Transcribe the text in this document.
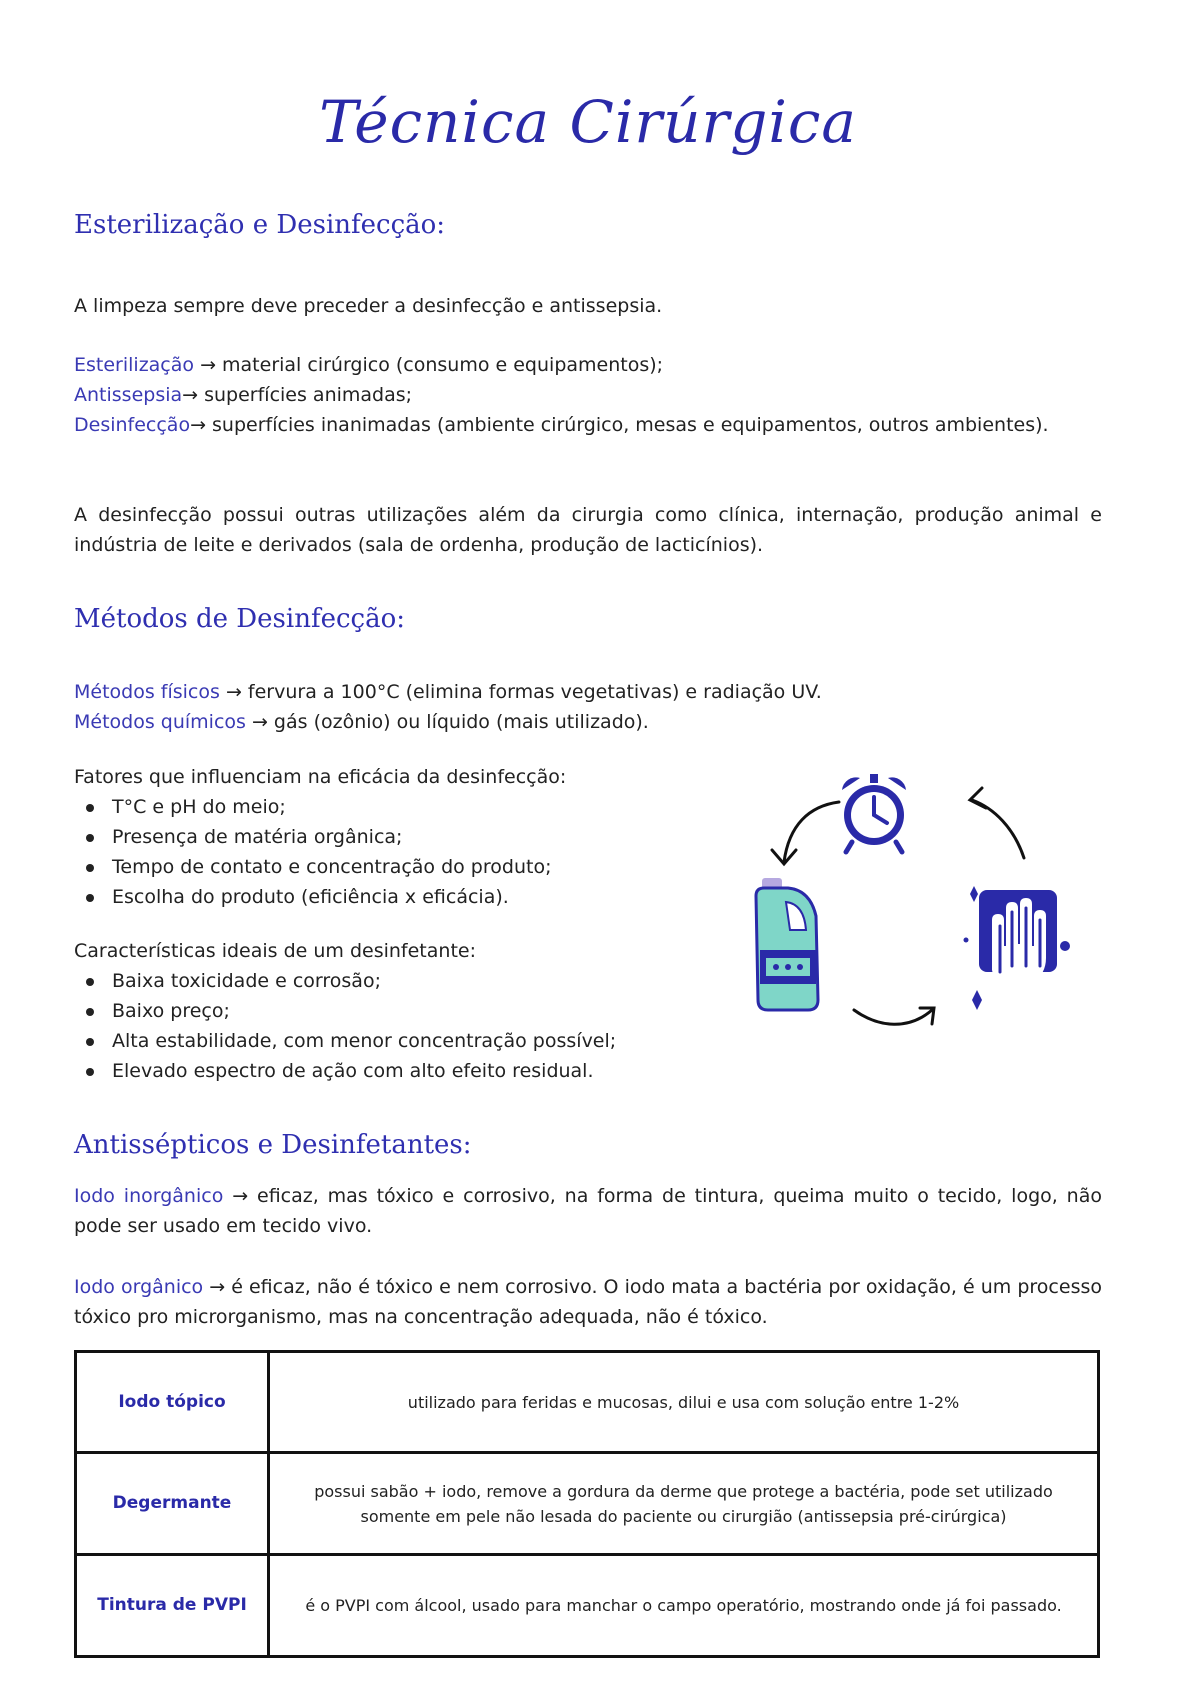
Técnica Cirúrgica
Esterilização e Desinfecção:
A limpeza sempre deve preceder a desinfecção e antissepsia.
Esterilização → material cirúrgico (consumo e equipamentos);
Antissepsia→ superfícies animadas;
Desinfecção→ superfícies inanimadas (ambiente cirúrgico, mesas e equipamentos, outros ambientes).
A desinfecção possui outras utilizações além da cirurgia como clínica, internação, produção animal e indústria de leite e derivados (sala de ordenha, produção de lacticínios).
Métodos de Desinfecção:
Métodos físicos → fervura a 100°C (elimina formas vegetativas) e radiação UV.
Métodos químicos → gás (ozônio) ou líquido (mais utilizado).
Fatores que influenciam na eficácia da desinfecção:
T°C e pH do meio;
Presença de matéria orgânica;
Tempo de contato e concentração do produto;
Escolha do produto (eficiência x eficácia).
Características ideais de um desinfetante:
Baixa toxicidade e corrosão;
Baixo preço;
Alta estabilidade, com menor concentração possível;
Elevado espectro de ação com alto efeito residual.
Antissépticos e Desinfetantes:
Iodo inorgânico → eficaz, mas tóxico e corrosivo, na forma de tintura, queima muito o tecido, logo, não pode ser usado em tecido vivo.
Iodo orgânico → é eficaz, não é tóxico e nem corrosivo. O iodo mata a bactéria por oxidação, é um processo tóxico pro microrganismo, mas na concentração adequada, não é tóxico.
Iodo tópico	utilizado para feridas e mucosas, dilui e usa com solução entre 1-2%
Degermante	possui sabão + iodo, remove a gordura da derme que protege a bactéria, pode set utilizado somente em pele não lesada do paciente ou cirurgião (antissepsia pré-cirúrgica)
Tintura de PVPI	é o PVPI com álcool, usado para manchar o campo operatório, mostrando onde já foi passado.
